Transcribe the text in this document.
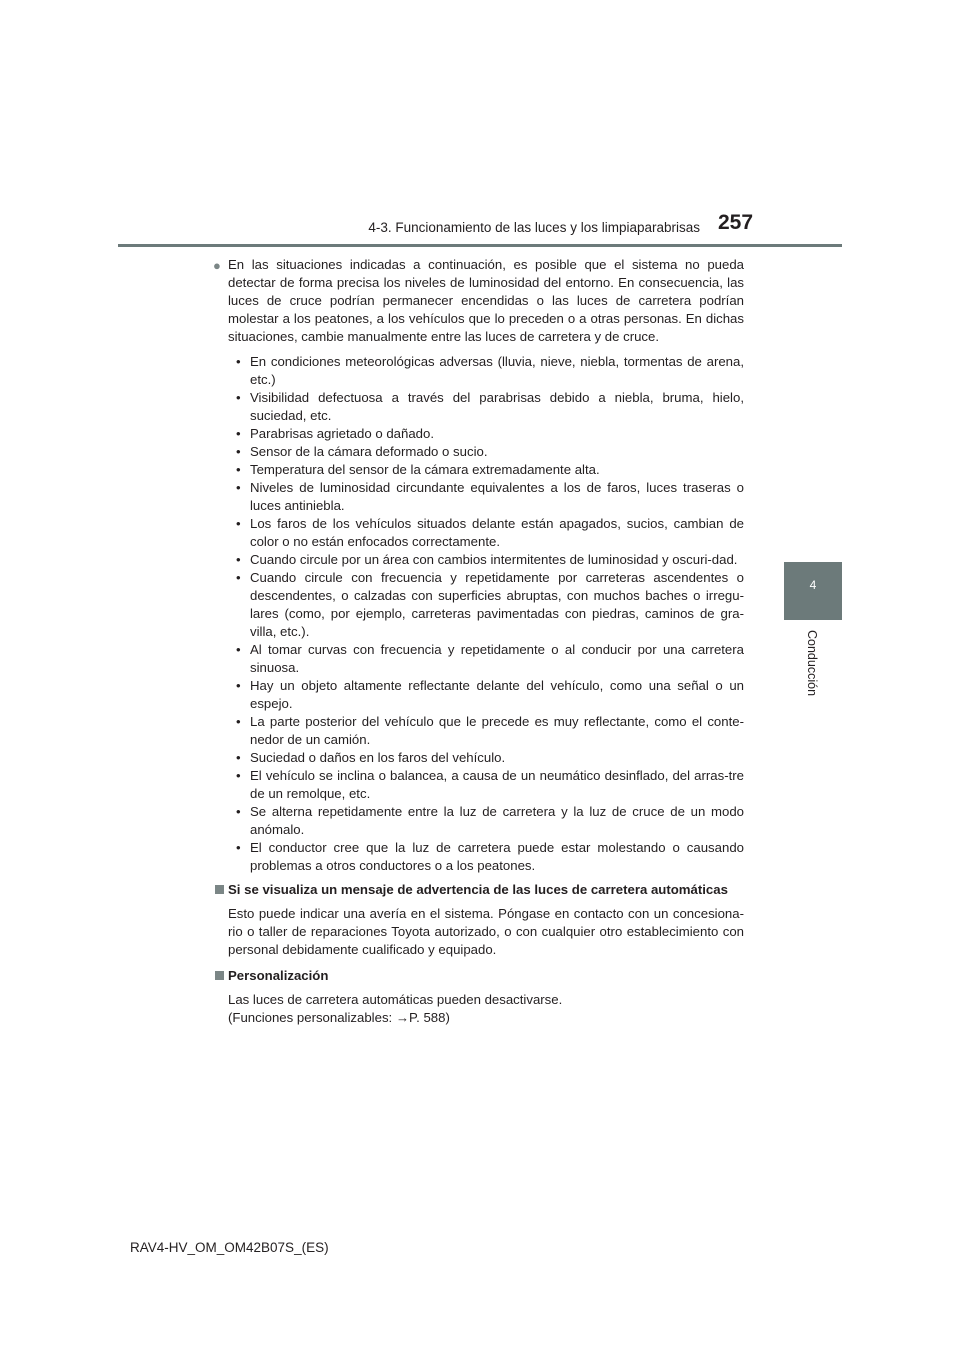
4-3. Funcionamiento de las luces y los limpiaparabrisas 257
4
Conducción

● En las situaciones indicadas a continuación, es posible que el sistema no pueda detectar de forma precisa los niveles de luminosidad del entorno. En consecuencia, las luces de cruce podrían permanecer encendidas o las luces de carretera podrían molestar a los peatones, a los vehículos que lo preceden o a otras personas. En dichas situaciones, cambie manualmente entre las luces de carretera y de cruce.

• En condiciones meteorológicas adversas (lluvia, nieve, niebla, tormentas de arena, etc.)
• Visibilidad defectuosa a través del parabrisas debido a niebla, bruma, hielo, suciedad, etc.
• Parabrisas agrietado o dañado.
• Sensor de la cámara deformado o sucio.
• Temperatura del sensor de la cámara extremadamente alta.
• Niveles de luminosidad circundante equivalentes a los de faros, luces traseras o luces antiniebla.
• Los faros de los vehículos situados delante están apagados, sucios, cambian de color o no están enfocados correctamente.
• Cuando circule por un área con cambios intermitentes de luminosidad y oscuri-dad.
• Cuando circule con frecuencia y repetidamente por carreteras ascendentes o descendentes, o calzadas con superficies abruptas, con muchos baches o irregu-lares (como, por ejemplo, carreteras pavimentadas con piedras, caminos de gra-villa, etc.).
• Al tomar curvas con frecuencia y repetidamente o al conducir por una carretera sinuosa.
• Hay un objeto altamente reflectante delante del vehículo, como una señal o un espejo.
• La parte posterior del vehículo que le precede es muy reflectante, como el conte-nedor de un camión.
• Suciedad o daños en los faros del vehículo.
• El vehículo se inclina o balancea, a causa de un neumático desinflado, del arras-tre de un remolque, etc.
• Se alterna repetidamente entre la luz de carretera y la luz de cruce de un modo anómalo.
• El conductor cree que la luz de carretera puede estar molestando o causando problemas a otros conductores o a los peatones.

Si se visualiza un mensaje de advertencia de las luces de carretera automáticas

Esto puede indicar una avería en el sistema. Póngase en contacto con un concesiona-rio o taller de reparaciones Toyota autorizado, o con cualquier otro establecimiento con personal debidamente cualificado y equipado.

Personalización

Las luces de carretera automáticas pueden desactivarse.
(Funciones personalizables: →P. 588)

RAV4-HV_OM_OM42B07S_(ES)
